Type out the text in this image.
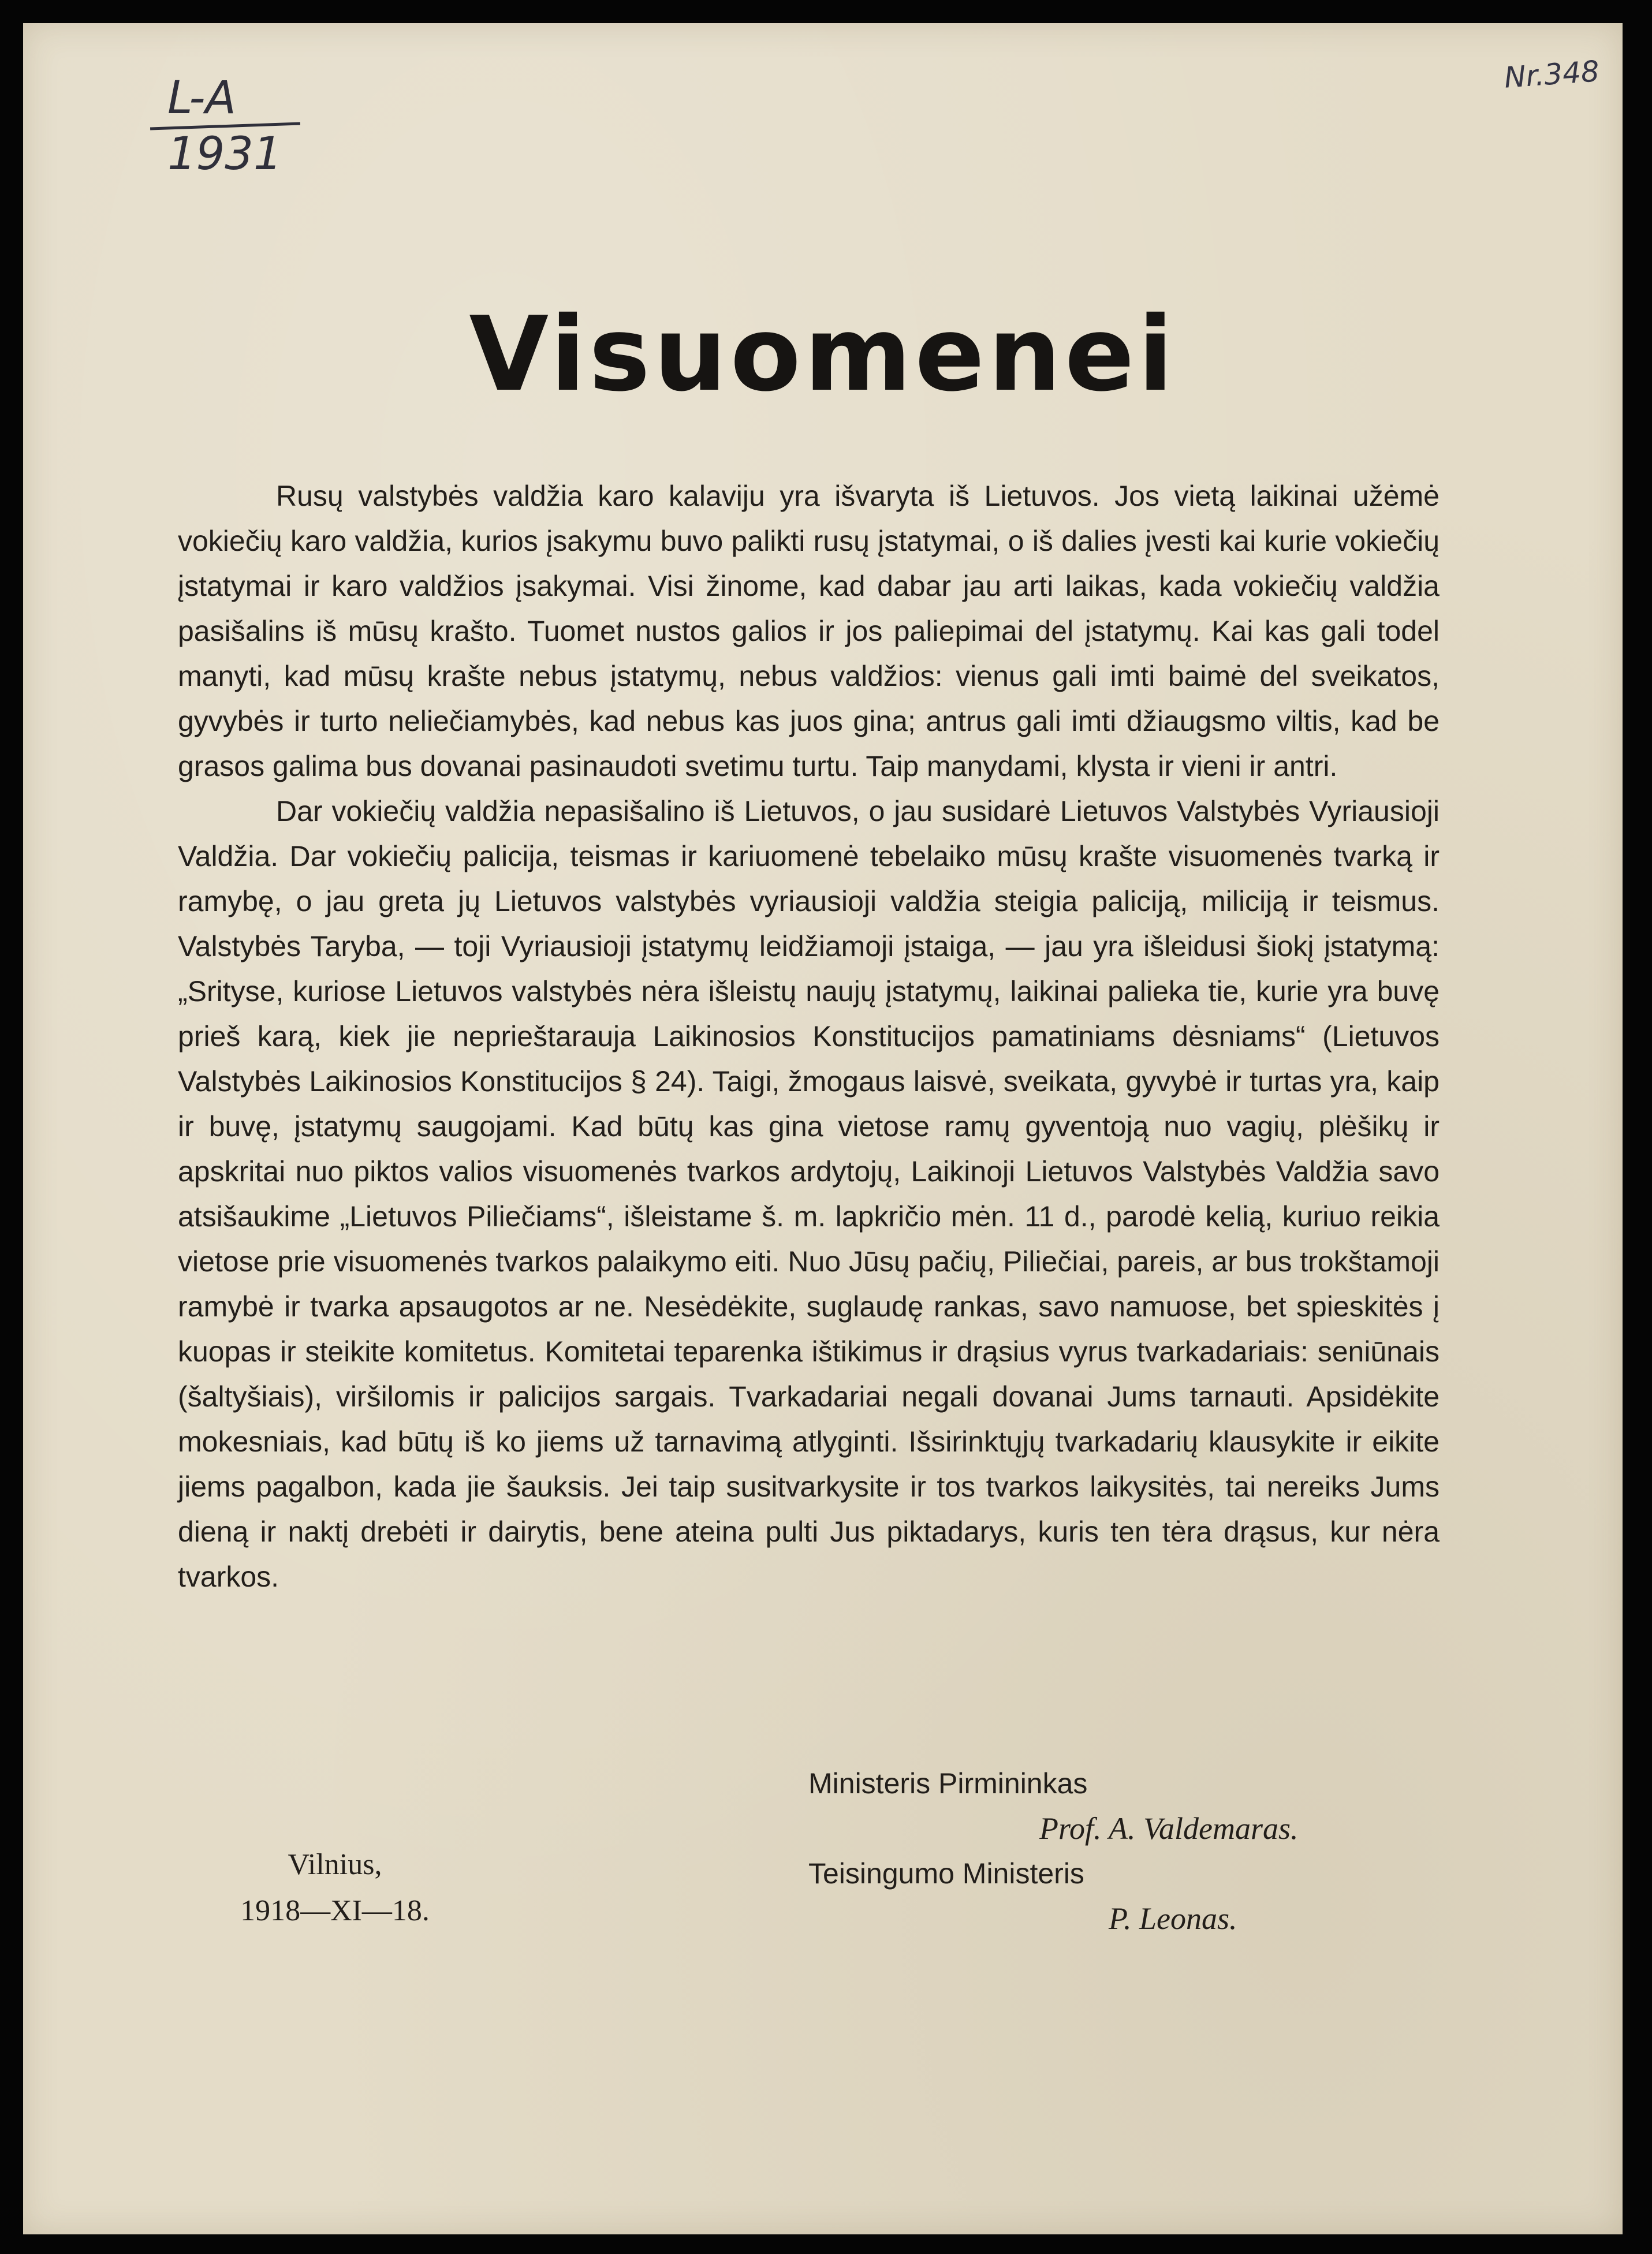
L-A
1931
Nr.348
Visuomenei

Rusų valstybės valdžia karo kalaviju yra išvaryta iš Lietuvos. Jos vietą laikinai užėmė vokiečių karo valdžia, kurios įsakymu buvo palikti rusų įstatymai, o iš dalies įvesti kai kurie vokiečių įstatymai ir karo valdžios įsakymai. Visi žinome, kad dabar jau arti laikas, kada vokiečių valdžia pasišalins iš mūsų krašto. Tuomet nustos galios ir jos paliepimai del įstatymų. Kai kas gali todel manyti, kad mūsų krašte nebus įstatymų, nebus valdžios: vienus gali imti baimė del sveikatos, gyvybės ir turto neliečiamybės, kad nebus kas juos gina; antrus gali imti džiaugsmo viltis, kad be grasos galima bus dovanai pasinaudoti svetimu turtu. Taip manydami, klysta ir vieni ir antri.

Dar vokiečių valdžia nepasišalino iš Lietuvos, o jau susidarė Lietuvos Valstybės Vyriausioji Valdžia. Dar vokiečių palicija, teismas ir kariuomenė tebelaiko mūsų krašte visuomenės tvarką ir ramybę, o jau greta jų Lietuvos valstybės vyriausioji valdžia steigia paliciją, miliciją ir teismus. Valstybės Taryba, — toji Vyriausioji įstatymų leidžiamoji įstaiga, — jau yra išleidusi šiokį įstatymą: „Srityse, kuriose Lietuvos valstybės nėra išleistų naujų įstatymų, laikinai palieka tie, kurie yra buvę prieš karą, kiek jie neprieštarauja Laikinosios Konstitucijos pamatiniams dėsniams“ (Lietuvos Valstybės Laikinosios Konstitucijos § 24). Taigi, žmogaus laisvė, sveikata, gyvybė ir turtas yra, kaip ir buvę, įstatymų saugojami. Kad būtų kas gina vietose ramų gyventoją nuo vagių, plėšikų ir apskritai nuo piktos valios visuomenės tvarkos ardytojų, Laikinoji Lietuvos Valstybės Valdžia savo atsišaukime „Lietuvos Piliečiams“, išleistame š. m. lapkričio mėn. 11 d., parodė kelią, kuriuo reikia vietose prie visuomenės tvarkos palaikymo eiti. Nuo Jūsų pačių, Piliečiai, pareis, ar bus trokštamoji ramybė ir tvarka apsaugotos ar ne. Nesėdėkite, suglaudę rankas, savo namuose, bet spieskitės į kuopas ir steikite komitetus. Komitetai teparenka ištikimus ir drąsius vyrus tvarkadariais: seniūnais (šaltyšiais), viršilomis ir palicijos sargais. Tvarkadariai negali dovanai Jums tarnauti. Apsidėkite mokesniais, kad būtų iš ko jiems už tarnavimą atlyginti. Išsirinktųjų tvarkadarių klausykite ir eikite jiems pagalbon, kada jie šauksis. Jei taip susitvarkysite ir tos tvarkos laikysitės, tai nereiks Jums dieną ir naktį drebėti ir dairytis, bene ateina pulti Jus piktadarys, kuris ten tėra drąsus, kur nėra tvarkos.

Vilnius,
1918—XI—18.
Ministeris Pirmininkas
Prof. A. Valdemaras.
Teisingumo Ministeris
P. Leonas.
